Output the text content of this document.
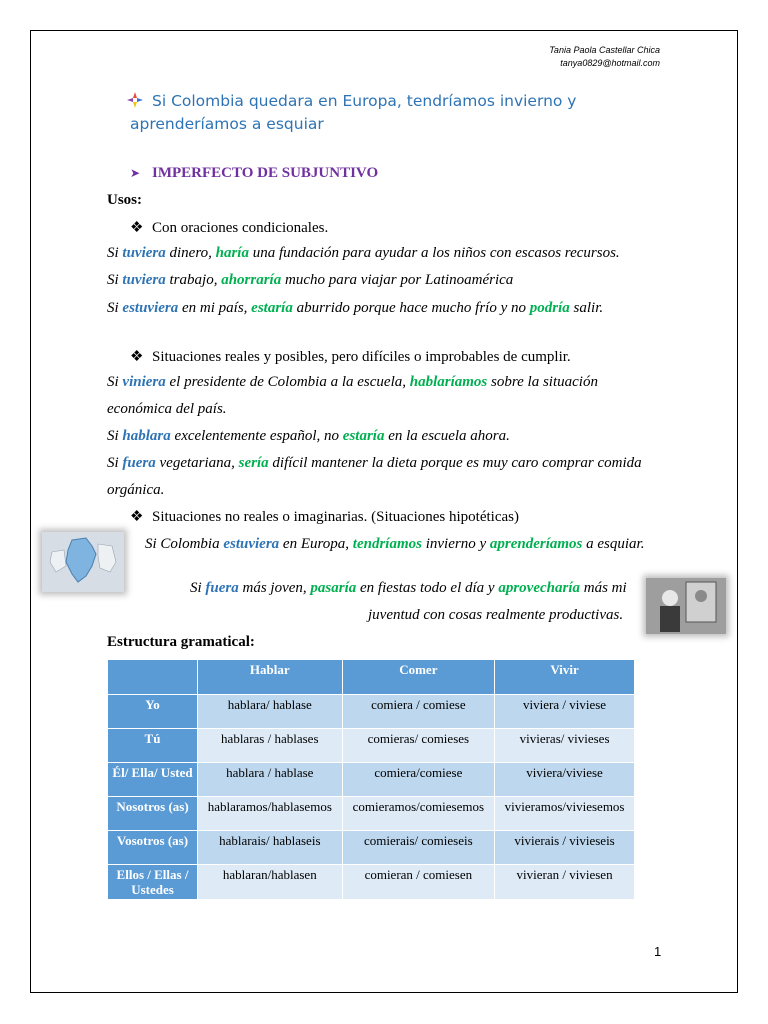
Tania Paola Castellar Chica
tanya0829@hotmail.com
Si Colombia quedara en Europa, tendríamos invierno y aprenderíamos a esquiar
➤ IMPERFECTO DE SUBJUNTIVO
Usos:
❖ Con oraciones condicionales.
Si tuviera dinero, haría una fundación para ayudar a los niños con escasos recursos.
Si tuviera trabajo, ahorraría mucho para viajar por Latinoamérica
Si estuviera en mi país, estaría aburrido porque hace mucho frío y no podría salir.
❖ Situaciones reales y posibles, pero difíciles o improbables de cumplir.
Si viniera el presidente de Colombia a la escuela, hablaríamos sobre la situación
económica del país.
Si hablara excelentemente español, no estaría en la escuela ahora.
Si fuera vegetariana, sería difícil mantener la dieta porque es muy caro comprar comida
orgánica.
❖ Situaciones no reales o imaginarias. (Situaciones hipotéticas)
Si Colombia estuviera en Europa, tendríamos invierno y aprenderíamos a esquiar.
Si fuera más joven, pasaría en fiestas todo el día y aprovecharía más mi
juventud con cosas realmente productivas.
Estructura gramatical:
	Hablar	Comer	Vivir
Yo	hablara/ hablase	comiera / comiese	viviera / viviese
Tú	hablaras / hablases	comieras/ comieses	vivieras/ vivieses
Él/ Ella/ Usted	hablara / hablase	comiera/comiese	viviera/viviese
Nosotros (as)	hablaramos/hablasemos	comieramos/comiesemos	vivieramos/viviesemos
Vosotros (as)	hablarais/ hablaseis	comierais/ comieseis	vivierais / vivieseis
Ellos / Ellas / Ustedes	hablaran/hablasen	comieran / comiesen	vivieran / viviesen
1
